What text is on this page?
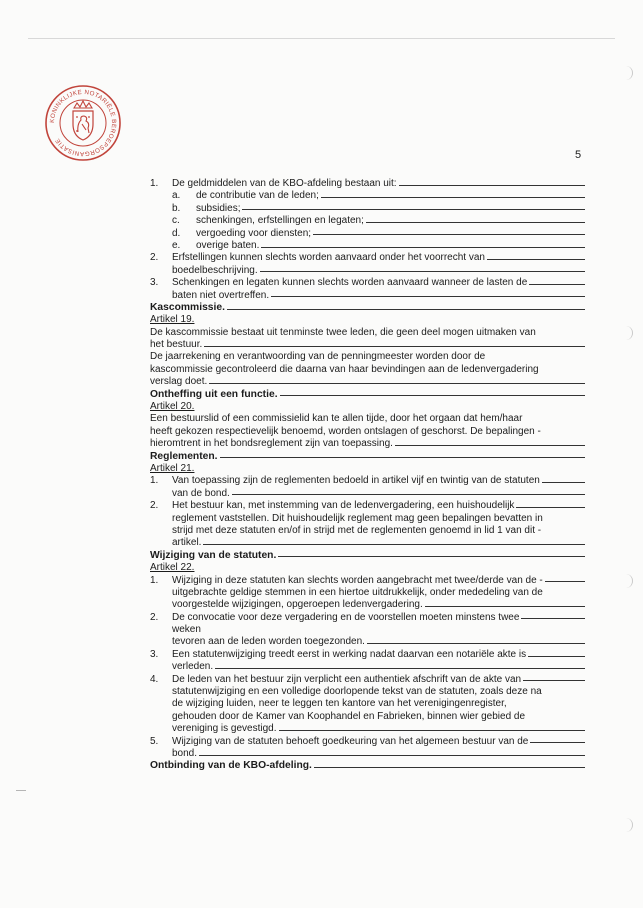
KONINKLIJKE NOTARIËLE BEROEPSORGANISATIE
5
1.	De geldmiddelen van de KBO-afdeling bestaan uit:
a.	de contributie van de leden;
b.	subsidies;
c.	schenkingen, erfstellingen en legaten;
d.	vergoeding voor diensten;
e.	overige baten.
2.	Erfstellingen kunnen slechts worden aanvaard onder het voorrecht van
boedelbeschrijving.
3.	Schenkingen en legaten kunnen slechts worden aanvaard wanneer de lasten de
baten niet overtreffen.
Kascommissie.
Artikel 19.
De kascommissie bestaat uit tenminste twee leden, die geen deel mogen uitmaken van
het bestuur.
De jaarrekening en verantwoording van de penningmeester worden door de
kascommissie gecontroleerd die daarna van haar bevindingen aan de ledenvergadering
verslag doet.
Ontheffing uit een functie.
Artikel 20.
Een bestuurslid of een commissielid kan te allen tijde, door het orgaan dat hem/haar
heeft gekozen respectievelijk benoemd, worden ontslagen of geschorst. De bepalingen -
hieromtrent in het bondsreglement zijn van toepassing.
Reglementen.
Artikel 21.
1.	Van toepassing zijn de reglementen bedoeld in artikel vijf en twintig van de statuten
van de bond.
2.	Het bestuur kan, met instemming van de ledenvergadering, een huishoudelijk
reglement vaststellen. Dit huishoudelijk reglement mag geen bepalingen bevatten in
strijd met deze statuten en/of in strijd met de reglementen genoemd in lid 1 van dit -
artikel.
Wijziging van de statuten.
Artikel 22.
1.	Wijziging in deze statuten kan slechts worden aangebracht met twee/derde van de -
uitgebrachte geldige stemmen in een hiertoe uitdrukkelijk, onder mededeling van de
voorgestelde wijzigingen, opgeroepen ledenvergadering.
2.	De convocatie voor deze vergadering en de voorstellen moeten minstens twee
weken
tevoren aan de leden worden toegezonden.
3.	Een statutenwijziging treedt eerst in werking nadat daarvan een notariële akte is
verleden.
4.	De leden van het bestuur zijn verplicht een authentiek afschrift van de akte van
statutenwijziging en een volledige doorlopende tekst van de statuten, zoals deze na
de wijziging luiden, neer te leggen ten kantore van het verenigingenregister,
gehouden door de Kamer van Koophandel en Fabrieken, binnen wier gebied de
vereniging is gevestigd.
5.	Wijziging van de statuten behoeft goedkeuring van het algemeen bestuur van de
bond.
Ontbinding van de KBO-afdeling.
